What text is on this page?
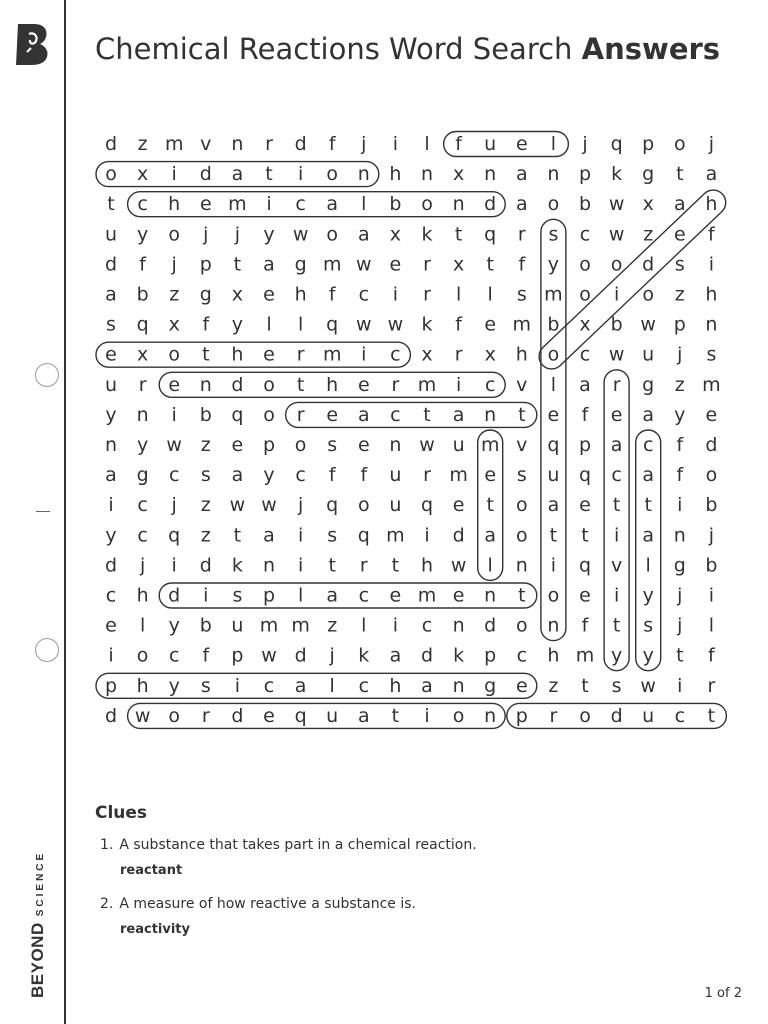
BEYONDSCIENCE
Chemical Reactions Word Search Answers
d z m v n r d f j i l f u e l j q p o j
o x i d a t i o n h n x n a n p k g t a
t c h e m i c a l b o n d a o b w x a h
u y o j j y w o a x k t q r s c w z e f
d f j p t a g m w e r x t f y o o d s i
a b z g x e h f c i r l l s m o i o z h
s q x f y l l q w w k f e m b x b w p n
e x o t h e r m i c x r x h o c w u j s
u r e n d o t h e r m i c v l a r g z m
y n i b q o r e a c t a n t e f e a y e
n y w z e p o s e n w u m v q p a c f d
a g c s a y c f f u r m e s u q c a f o
i c j z w w j q o u q e t o a e t t i b
y c q z t a i s q m i d a o t t i a n j
d j i d k n i t r t h w l n i q v l g b
c h d i s p l a c e m e n t o e i y j i
e l y b u m m z l i c n d o n f t s j l
i o c f p w d j k a d k p c h m y y t f
p h y s i c a l c h a n g e z t s w i r
d w o r d e q u a t i o n p r o d u c t
Clues
1. A substance that takes part in a chemical reaction.
reactant
2. A measure of how reactive a substance is.
reactivity
1 of 2
